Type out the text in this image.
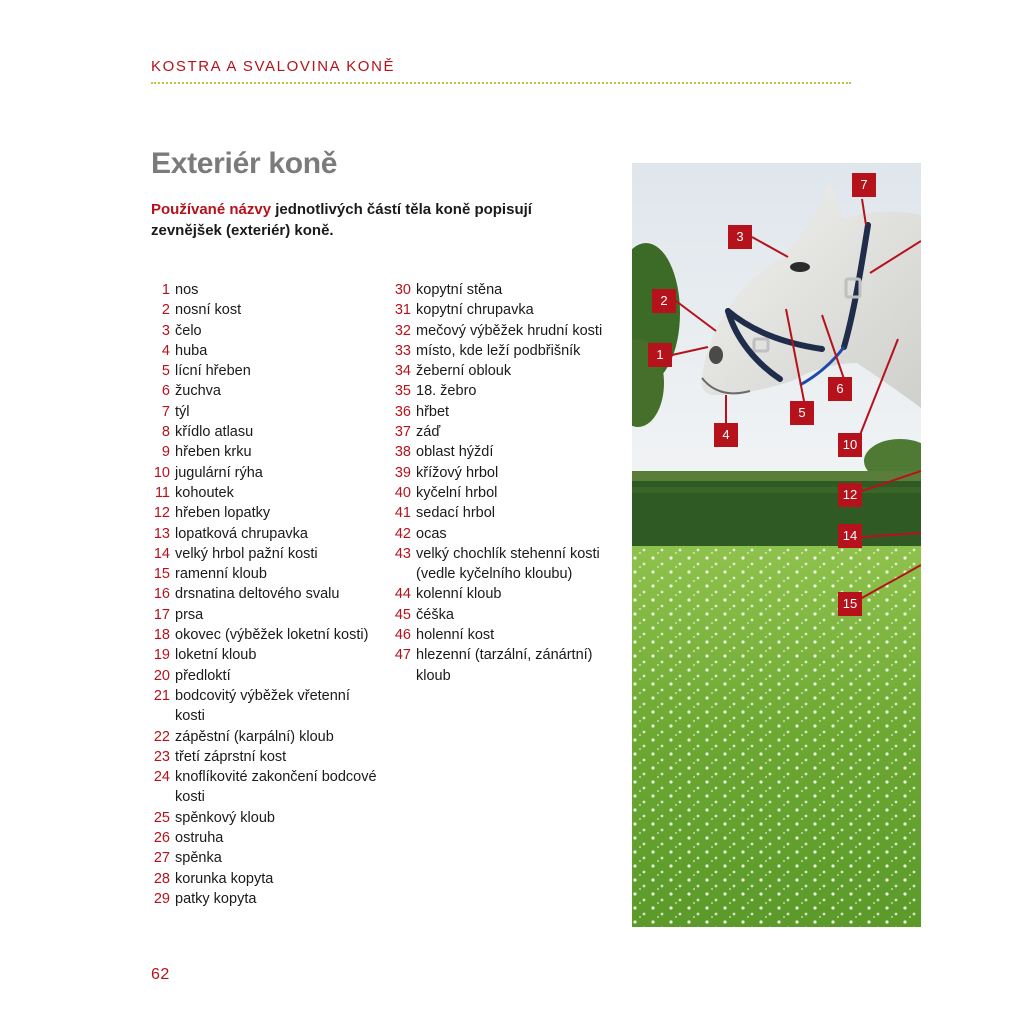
KOSTRA A SVALOVINA KONĚ
Exteriér koně

Používané názvy jednotlivých částí těla koně popisují zevnějšek (exteriér) koně.

1 nos
2 nosní kost
3 čelo
4 huba
5 lícní hřeben
6 žuchva
7 týl
8 křídlo atlasu
9 hřeben krku
10 jugulární rýha
11 kohoutek
12 hřeben lopatky
13 lopatková chrupavka
14 velký hrbol pažní kosti
15 ramenní kloub
16 drsnatina deltového svalu
17 prsa
18 okovec (výběžek loketní kosti)
19 loketní kloub
20 předloktí
21 bodcovitý výběžek vřetenní kosti
22 zápěstní (karpální) kloub
23 třetí záprstní kost
24 knoflíkovité zakončení bodcové kosti
25 spěnkový kloub
26 ostruha
27 spěnka
28 korunka kopyta
29 patky kopyta
30 kopytní stěna
31 kopytní chrupavka
32 mečový výběžek hrudní kosti
33 místo, kde leží podbřišník
34 žeberní oblouk
35 18. žebro
36 hřbet
37 záď
38 oblast hýždí
39 křížový hrbol
40 kyčelní hrbol
41 sedací hrbol
42 ocas
43 velký chochlík stehenní kosti (vedle kyčelního kloubu)
44 kolenní kloub
45 čéška
46 holenní kost
47 hlezenní (tarzální, zánártní) kloub
7
3
2
1
6
5
4
10
12
14
15
62
